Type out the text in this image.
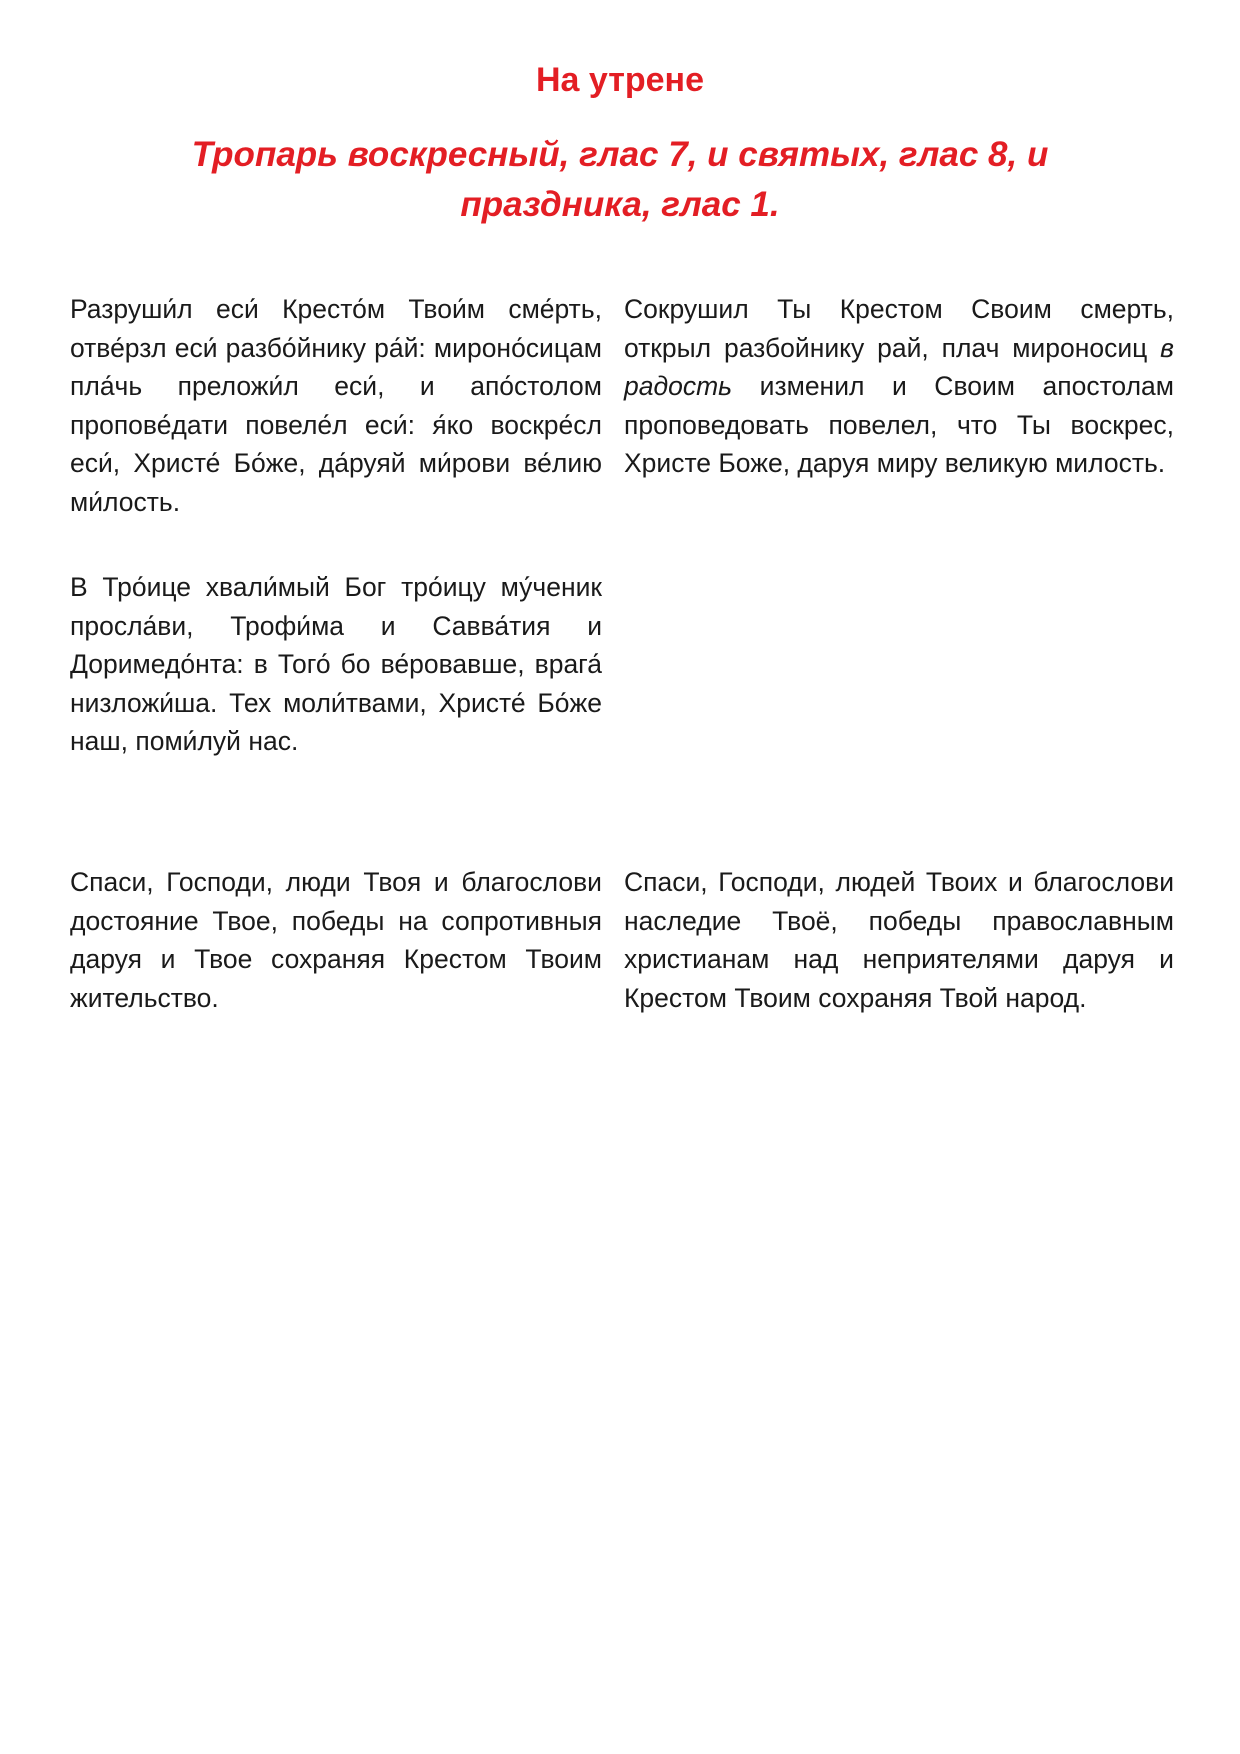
На утрене
Тропарь воскресный, глас 7, и святых, глас 8, и праздника, глас 1.

Разруши́л еси́ Кресто́м Твои́м сме́рть, отве́рзл еси́ разбо́йнику ра́й: мироно́сицам пла́чь преложи́л еси́, и апо́столом пропове́дати повеле́л еси́: я́ко воскре́сл еси́, Христе́ Бо́же, да́руяй ми́рови ве́лию ми́лость.

Сокрушил Ты Крестом Своим смерть, открыл разбойнику рай, плач мироносиц в радость изменил и Своим апостолам проповедовать повелел, что Ты воскрес, Христе Боже, даруя миру великую милость.

В Тро́ице хвали́мый Бог тро́ицу му́ченик просла́ви, Трофи́ма и Савва́тия и Доримедо́нта: в Того́ бо ве́ровавше, врага́ низложи́ша. Тех моли́твами, Христе́ Бо́же наш, поми́луй нас.

Спаси, Господи, люди Твоя и благослови достояние Твое, победы на сопротивныя даруя и Твое сохраняя Крестом Твоим жительство.

Спаси, Господи, людей Твоих и благослови наследие Твоё, победы православным христианам над неприятелями даруя и Крестом Твоим сохраняя Твой народ.
